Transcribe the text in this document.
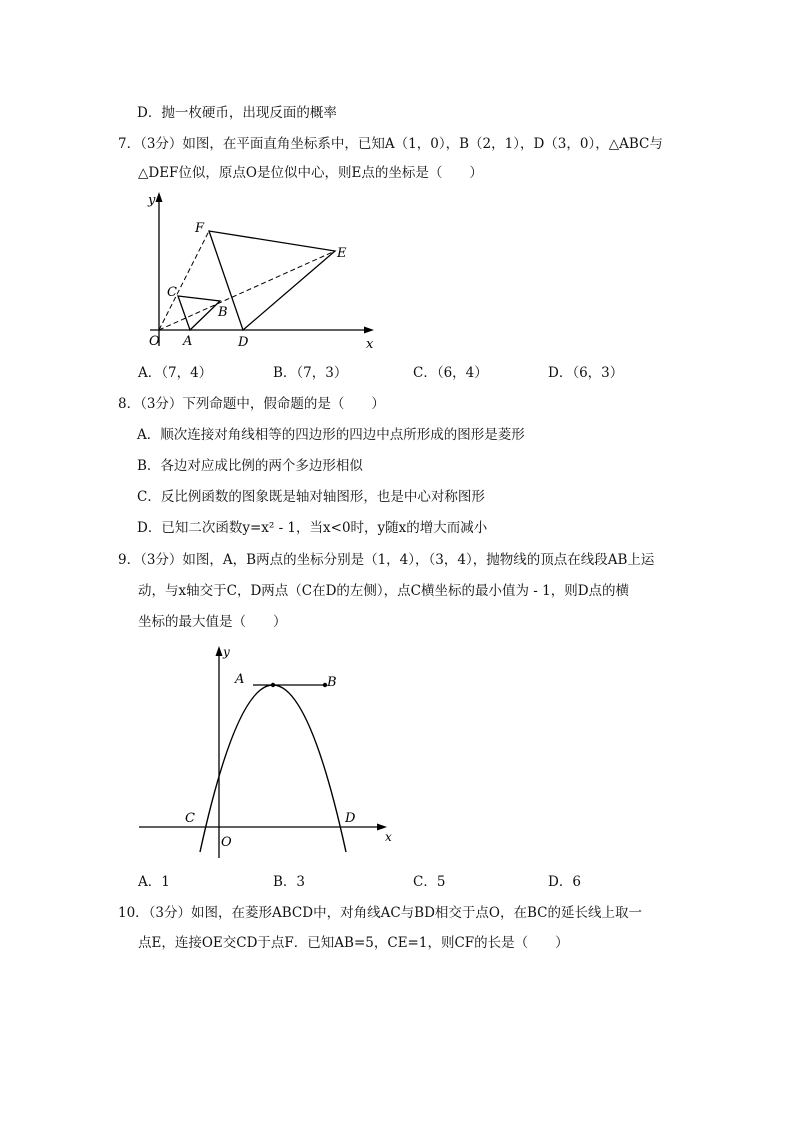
D．抛一枚硬币，出现反面的概率
7．（3分）如图，在平面直角坐标系中，已知A（1，0），B（2，1），D（3，0），△ABC与
△DEF位似，原点O是位似中心，则E点的坐标是（　　）
y
x
O A
B
C
D
E
F
A．（7，4）	B．（7，3）	C．（6，4）	D．（6，3）
8．（3分）下列命题中，假命题的是（　　）
A．顺次连接对角线相等的四边形的四边中点所形成的图形是菱形
B．各边对应成比例的两个多边形相似
C．反比例函数的图象既是轴对轴图形，也是中心对称图形
D．已知二次函数y=x² - 1，当x<0时，y随x的增大而减小
9．（3分）如图，A，B两点的坐标分别是（1，4），（3，4），抛物线的顶点在线段AB上运
动，与x轴交于C，D两点（C在D的左侧），点C横坐标的最小值为 - 1，则D点的横
坐标的最大值是（　　）
y
x
O
A	B
C	D
A．1	B．3	C．5	D．6
10．（3分）如图，在菱形ABCD中，对角线AC与BD相交于点O，在BC的延长线上取一
点E，连接OE交CD于点F．已知AB=5，CE=1，则CF的长是（　　）
